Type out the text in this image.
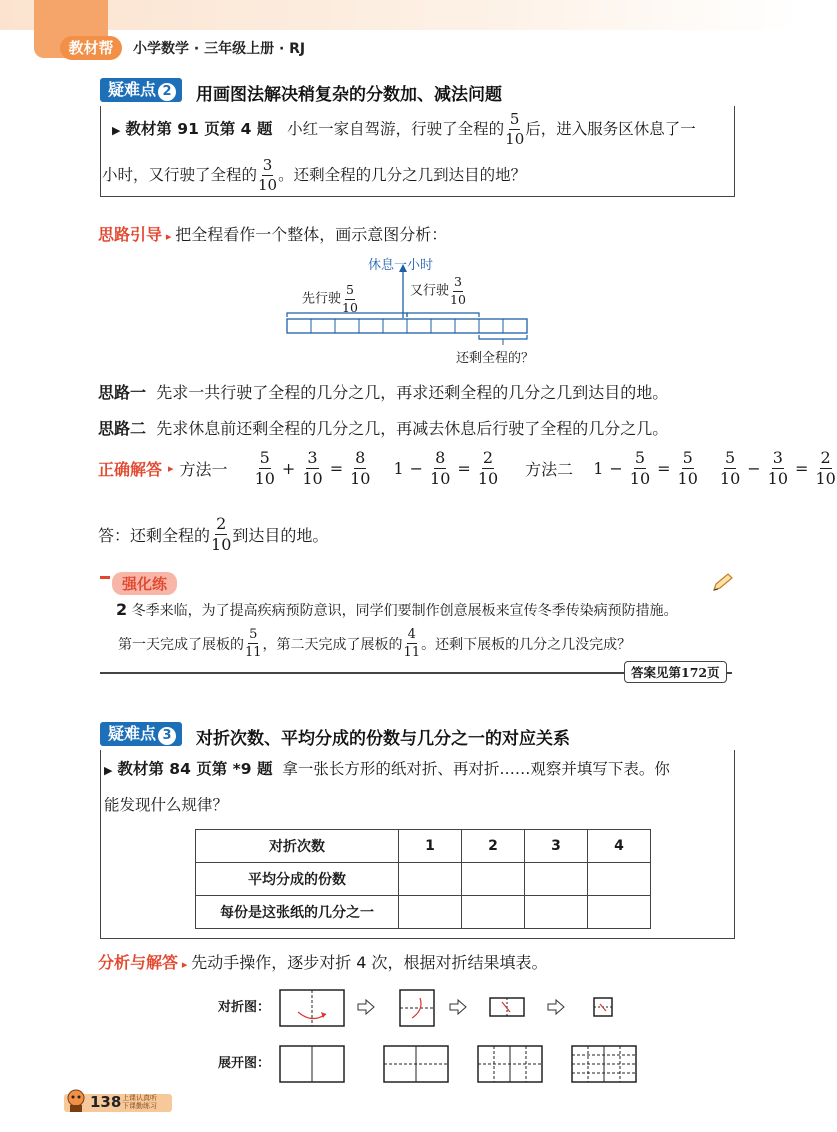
教材帮	小学数学 · 三年级上册 · RJ
疑难点 2	用画图法解决稍复杂的分数加、减法问题
▶ 教材第 91 页第 4 题 小红一家自驾游，行驶了全程的 $\frac{5}{10}$ 后，进入服务区休息了一
小时，又行驶了全程的 $\frac{3}{10}$ 。还剩全程的几分之几到达目的地？
思路引导 ▸ 把全程看作一个整体，画示意图分析：
休息一小时
先行驶 $\frac{5}{10}$	又行驶 $\frac{3}{10}$
还剩全程的？
思路一 先求一共行驶了全程的几分之几，再求还剩全程的几分之几到达目的地。
思路二 先求休息前还剩全程的几分之几，再减去休息后行驶了全程的几分之几。
正确解答 ▸ 方法一 $\frac{5}{10} + \frac{3}{10} = \frac{8}{10} 1 - \frac{8}{10} = \frac{2}{10}$ 方法二 $1 - \frac{5}{10} = \frac{5}{10} \frac{5}{10} - \frac{3}{10} = \frac{2}{10}$
答：还剩全程的 $\frac{2}{10}$ 到达目的地。
强化练
2 冬季来临，为了提高疾病预防意识，同学们要制作创意展板来宣传冬季传染病预防措施。
第一天完成了展板的 $\frac{5}{11}$ ，第二天完成了展板的 $\frac{4}{11}$ 。还剩下展板的几分之几没完成？
答案见第172页
疑难点 3	对折次数、平均分成的份数与几分之一的对应关系
▶ 教材第 84 页第 *9 题 拿一张长方形的纸对折、再对折……观察并填写下表。你
能发现什么规律？
对折次数	1	2	3	4
平均分成的份数				
每份是这张纸的几分之一				
分析与解答 ▸ 先动手操作，逐步对折 4 次，根据对折结果填表。
对折图：
展开图：
138 上课认真听
下课勤练习
